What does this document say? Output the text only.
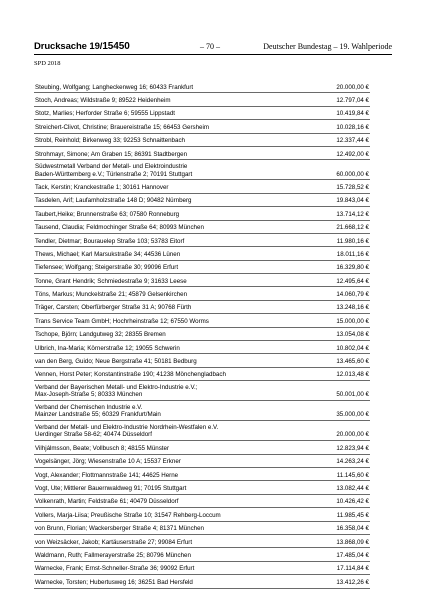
Drucksache 19/15450	– 70 –	Deutscher Bundestag – 19. Wahlperiode
SPD 2018
Steubing, Wolfgang; Langheckenweg 16; 60433 Frankfurt	20.000,00 €
Stoch, Andreas; Wildstraße 9; 89522 Heidenheim	12.797,04 €
Stotz, Marlies; Herforder Straße 6; 59555 Lippstadt	10.419,84 €
Streichert-Clivot, Christine; Brauereistraße 15; 66453 Gersheim	10.028,16 €
Strobl, Reinhold; Birkenweg 33; 92253 Schnaittenbach	12.337,44 €
Strohmayr, Simone; Am Graben 15; 86391 Stadtbergen	12.492,00 €
Südwestmetall Verband der Metall- und Elektroindustrie
Baden-Württemberg e.V.; Türlenstraße 2; 70191 Stuttgart	60.000,00 €
Tack, Kerstin; Kranckestraße 1; 30161 Hannover	15.728,52 €
Tasdelen, Arif; Laufamholzstraße 148 D; 90482 Nürnberg	19.843,04 €
Taubert,Heike; Brunnenstraße 63; 07580 Ronneburg	13.714,12 €
Tausend, Claudia; Feldmochinger Straße 64; 80993 München	21.668,12 €
Tendler, Dietmar; Bourauelер Straße 103; 53783 Eitorf	11.980,16 €
Thews, Michael; Karl Marsukstraße 34; 44536 Lünen	18.011,16 €
Tiefensee; Wolfgang; Steigerstraße 30; 99096 Erfurt	16.329,80 €
Tonne, Grant Hendrik; Schmiedestraße 9; 31633 Leese	12.495,64 €
Töns, Markus; Munckelstraße 21; 45879 Gelsenkirchen	14.060,79 €
Träger, Carsten; Oberfürberger Straße 31 A; 90768 Fürth	13.248,16 €
Trans Service Team GmbH; Hochrheinstraße 12; 67550 Worms	15.000,00 €
Tschope, Björn; Landgutweg 32; 28355 Bremen	13.054,08 €
Ulbrich, Ina-Maria; Körnerstraße 12; 19055 Schwerin	10.802,04 €
van den Berg, Guido; Neue Bergstraße 41; 50181 Bedburg	13.465,60 €
Vennen, Horst Peter; Konstantinstraße 190; 41238 Mönchengladbach	12.013,48 €
Verband der Bayerischen Metall- und Elektro-Industrie e.V.;
Max-Joseph-Straße 5; 80333 München	50.001,00 €
Verband der Chemischen Industrie e.V.
Mainzer Landstraße 55; 60329 Frankfurt/Main	35.000,00 €
Verband der Metall- und Elektro-Industrie Nordrhein-Westfalen e.V.
Uerdinger Straße 58-62; 40474 Düsseldorf	20.000,00 €
Vilhjálmsson, Beate; Vollbusch 8; 48155 Münster	12.823,94 €
Vogelsänger, Jörg; Wiesenstraße 10 A; 15537 Erkner	14.263,24 €
Vogt, Alexander; Flottmannstraße 141; 44625 Herne	11.145,60 €
Vogt, Ute; Mittlerer Bauernwaldweg 91; 70195 Stuttgart	13.082,44 €
Volkenrath, Martin; Feldstraße 61; 40479 Düsseldorf	10.426,42 €
Vollers, Marja-Liisa; Preußische Straße 10; 31547 Rehberg-Loccum	11.985,45 €
von Brunn, Florian; Wackersberger Straße 4; 81371 München	16.358,04 €
von Weizsäcker, Jakob; Kartäuserstraße 27; 99084 Erfurt	13.868,09 €
Waldmann, Ruth; Fallmerayerstraße 25; 80796 München	17.485,04 €
Warnecke, Frank; Ernst-Schneller-Straße 36; 99092 Erfurt	17.114,84 €
Warnecke, Torsten; Hubertusweg 16; 36251 Bad Hersfeld	13.412,26 €
